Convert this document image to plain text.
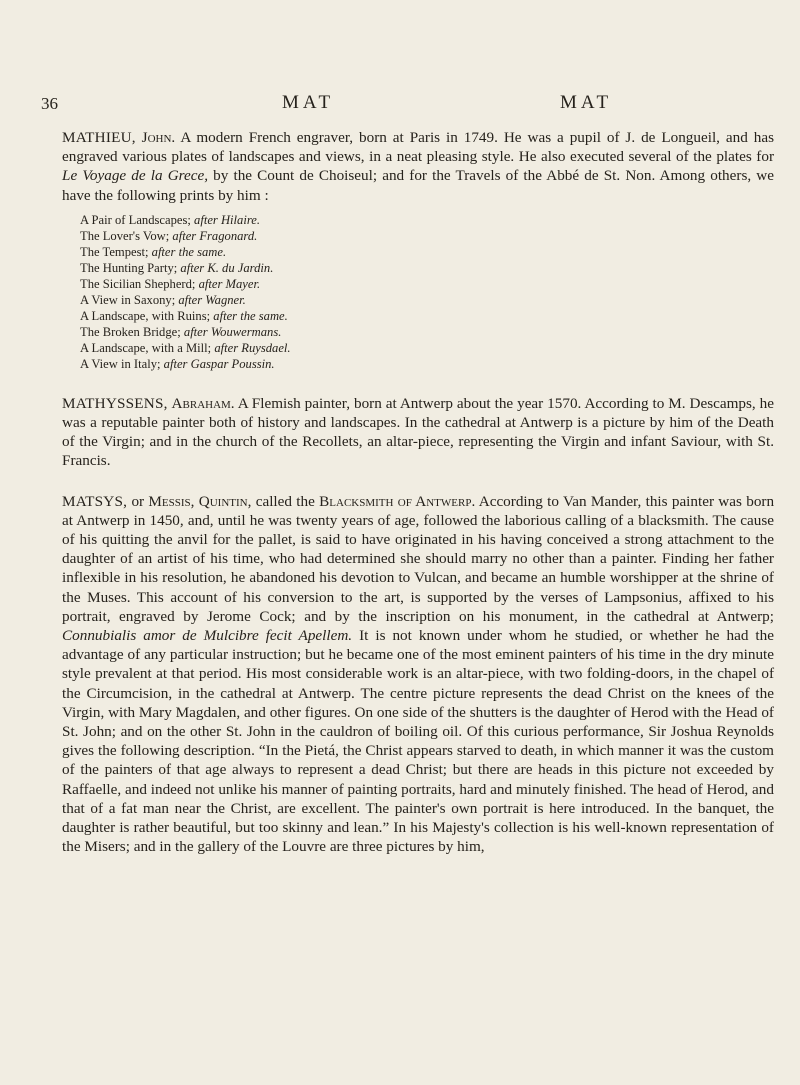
36	MAT	MAT

MATHIEU, John. A modern French engraver, born at Paris in 1749. He was a pupil of J. de Longueil, and has engraved various plates of landscapes and views, in a neat pleasing style. He also executed several of the plates for Le Voyage de la Grece, by the Count de Choiseul; and for the Travels of the Abbé de St. Non. Among others, we have the following prints by him :

A Pair of Landscapes; after Hilaire.
The Lover's Vow; after Fragonard.
The Tempest; after the same.
The Hunting Party; after K. du Jardin.
The Sicilian Shepherd; after Mayer.
A View in Saxony; after Wagner.
A Landscape, with Ruins; after the same.
The Broken Bridge; after Wouwermans.
A Landscape, with a Mill; after Ruysdael.
A View in Italy; after Gaspar Poussin.

MATHYSSENS, Abraham. A Flemish painter, born at Antwerp about the year 1570. According to M. Descamps, he was a reputable painter both of history and landscapes. In the cathedral at Antwerp is a picture by him of the Death of the Virgin; and in the church of the Recollets, an altar-piece, representing the Virgin and infant Saviour, with St. Francis.

MATSYS, or Messis, Quintin, called the Blacksmith of Antwerp. According to Van Mander, this painter was born at Antwerp in 1450, and, until he was twenty years of age, followed the laborious calling of a blacksmith. The cause of his quitting the anvil for the pallet, is said to have originated in his having conceived a strong attachment to the daughter of an artist of his time, who had determined she should marry no other than a painter. Finding her father inflexible in his resolution, he abandoned his devotion to Vulcan, and became an humble worshipper at the shrine of the Muses. This account of his conversion to the art, is supported by the verses of Lampsonius, affixed to his portrait, engraved by Jerome Cock; and by the inscription on his monument, in the cathedral at Antwerp; Connubialis amor de Mulcibre fecit Apellem. It is not known under whom he studied, or whether he had the advantage of any particular instruction; but he became one of the most eminent painters of his time in the dry minute style prevalent at that period. His most considerable work is an altar-piece, with two folding-doors, in the chapel of the Circumcision, in the cathedral at Antwerp. The centre picture represents the dead Christ on the knees of the Virgin, with Mary Magdalen, and other figures. On one side of the shutters is the daughter of Herod with the Head of St. John; and on the other St. John in the cauldron of boiling oil. Of this curious performance, Sir Joshua Reynolds gives the following description. “In the Pietá, the Christ appears starved to death, in which manner it was the custom of the painters of that age always to represent a dead Christ; but there are heads in this picture not exceeded by Raffaelle, and indeed not unlike his manner of painting portraits, hard and minutely finished. The head of Herod, and that of a fat man near the Christ, are excellent. The painter's own portrait is here introduced. In the banquet, the daughter is rather beautiful, but too skinny and lean.” In his Majesty's collection is his well-known representation of the Misers; and in the gallery of the Louvre are three pictures by him,
